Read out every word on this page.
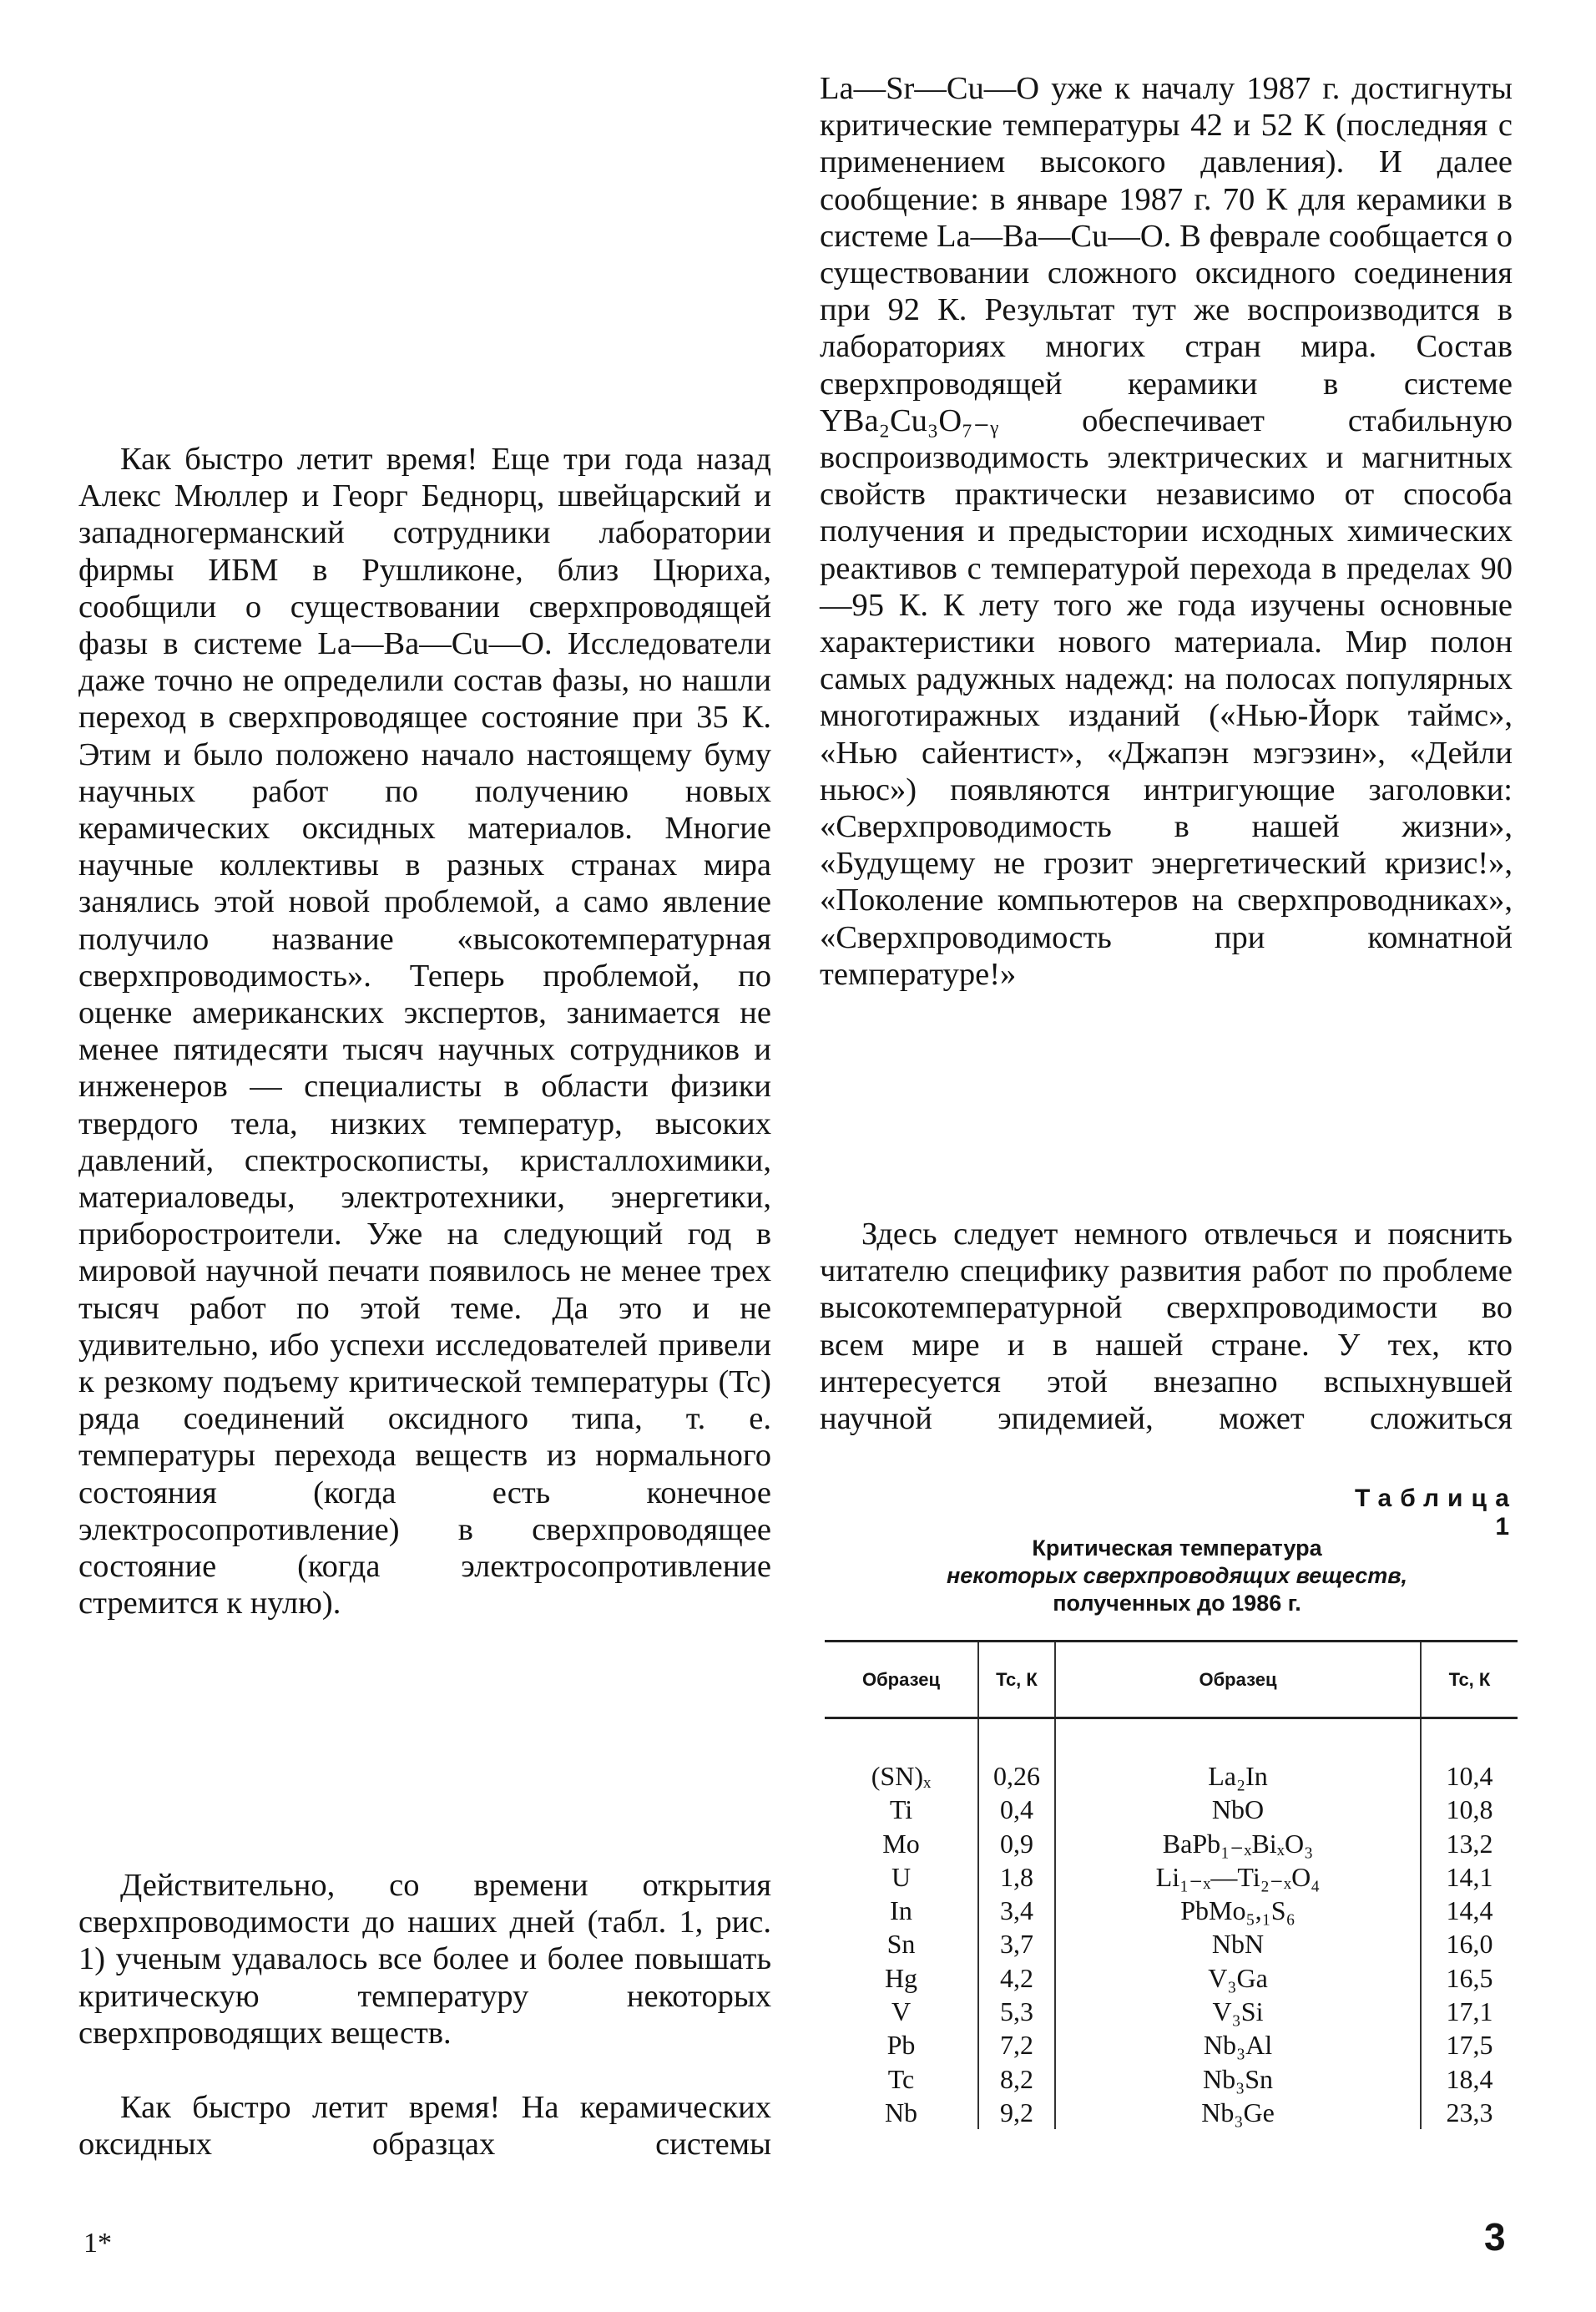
Как быстро летит время! Еще три года назад Алекс Мюллер и Георг Беднорц, швейцарский и западногерманский сотрудники лаборатории фирмы ИБМ в Рушликоне, близ Цюриха, сообщили о существовании сверхпроводящей фазы в системе La—Ba—Cu—O. Исследователи даже точно не определили состав фазы, но нашли переход в сверхпроводящее состояние при 35 К. Этим и было положено начало настоящему буму научных работ по получению новых керамических оксидных материалов. Многие научные коллективы в разных странах мира занялись этой новой проблемой, а само явление получило название «высокотемпературная сверхпроводимость». Теперь проблемой, по оценке американских экспертов, занимается не менее пятидесяти тысяч научных сотрудников и инженеров — специалисты в области физики твердого тела, низких температур, высоких давлений, спектроскописты, кристаллохимики, материаловеды, электротехники, энергетики, приборостроители. Уже на следующий год в мировой научной печати появилось не менее трех тысяч работ по этой теме. Да это и не удивительно, ибо успехи исследователей привели к резкому подъему критической температуры (Tc) ряда соединений оксидного типа, т. е. температуры перехода веществ из нормального состояния (когда есть конечное электросопротивление) в сверхпроводящее состояние (когда электросопротивление стремится к нулю).

Действительно, со времени открытия сверхпроводимости до наших дней (табл. 1, рис. 1) ученым удавалось все более и более повышать критическую температуру некоторых сверхпроводящих веществ.

Как быстро летит время! На керамических оксидных образцах системы

La—Sr—Cu—O уже к началу 1987 г. достигнуты критические температуры 42 и 52 К (последняя с применением высокого давления). И далее сообщение: в январе 1987 г. 70 К для керамики в системе La—Ba—Cu—O. В феврале сообщается о существовании сложного оксидного соединения при 92 К. Результат тут же воспроизводится в лабораториях многих стран мира. Состав сверхпроводящей керамики в системе YBa₂Cu₃O₇₋ᵧ обеспечивает стабильную воспроизводимость электрических и магнитных свойств практически независимо от способа получения и предыстории исходных химических реактивов с температурой перехода в пределах 90—95 К. К лету того же года изучены основные характеристики нового материала. Мир полон самых радужных надежд: на полосах популярных многотиражных изданий («Нью-Йорк таймс», «Нью сайентист», «Джапэн мэгэзин», «Дейли ньюс») появляются интригующие заголовки: «Сверхпроводимость в нашей жизни», «Будущему не грозит энергетический кризис!», «Поколение компьютеров на сверхпроводниках», «Сверхпроводимость при комнатной температуре!»

Здесь следует немного отвлечься и пояснить читателю специфику развития работ по проблеме высокотемпературной сверхпроводимости во всем мире и в нашей стране. У тех, кто интересуется этой внезапно вспыхнувшей научной эпидемией, может сложиться

Таблица 1
Критическая температура
некоторых сверхпроводящих веществ,
полученных до 1986 г.
Образец	Tc, К	Образец	Tc, К
(SN)ₓ	0,26	La₂In	10,4
Ti	0,4	NbO	10,8
Mo	0,9	BaPb₁₋ₓBiₓO₃	13,2
U	1,8	Li₁₋ₓ—Ti₂₋ₓO₄	14,1
In	3,4	PbMo₅,₁S₆	14,4
Sn	3,7	NbN	16,0
Hg	4,2	V₃Ga	16,5
V	5,3	V₃Si	17,1
Pb	7,2	Nb₃Al	17,5
Tc	8,2	Nb₃Sn	18,4
Nb	9,2	Nb₃Ge	23,3
1*	3
